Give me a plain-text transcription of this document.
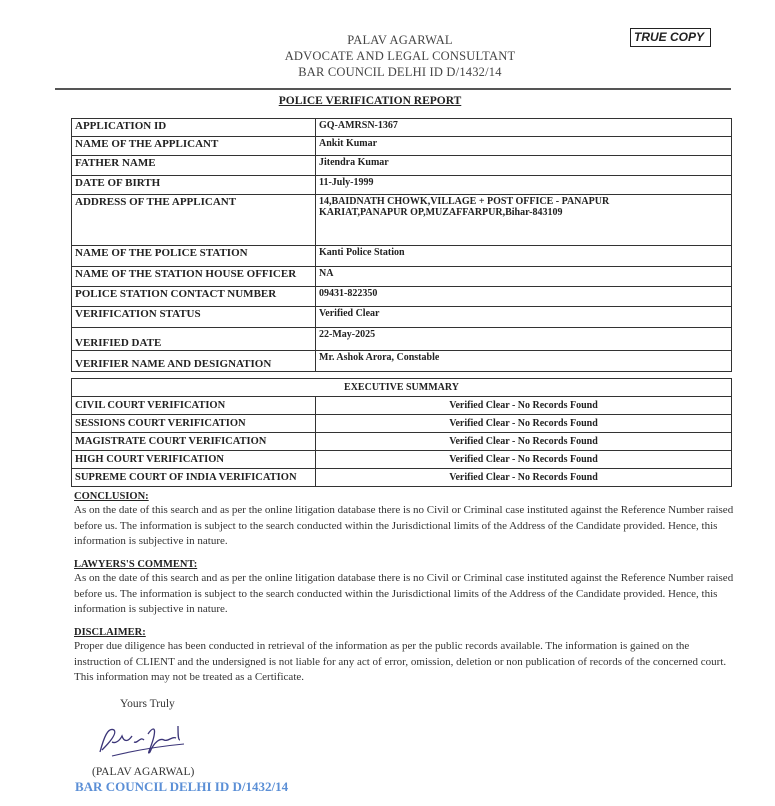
PALAV AGARWAL
ADVOCATE AND LEGAL CONSULTANT
BAR COUNCIL DELHI ID D/1432/14
TRUE COPY
POLICE VERIFICATION REPORT
APPLICATION ID	GQ-AMRSN-1367
NAME OF THE APPLICANT	Ankit Kumar
FATHER NAME	Jitendra Kumar
DATE OF BIRTH	11-July-1999
ADDRESS OF THE APPLICANT	14,BAIDNATH CHOWK,VILLAGE + POST OFFICE - PANAPUR KARIAT,PANAPUR OP,MUZAFFARPUR,Bihar-843109
NAME OF THE POLICE STATION	Kanti Police Station
NAME OF THE STATION HOUSE OFFICER	NA
POLICE STATION CONTACT NUMBER	09431-822350
VERIFICATION STATUS	Verified Clear
VERIFIED DATE	22-May-2025
VERIFIER NAME AND DESIGNATION	Mr. Ashok Arora, Constable
EXECUTIVE SUMMARY	
CIVIL COURT VERIFICATION	Verified Clear - No Records Found
SESSIONS COURT VERIFICATION	Verified Clear - No Records Found
MAGISTRATE COURT VERIFICATION	Verified Clear - No Records Found
HIGH COURT VERIFICATION	Verified Clear - No Records Found
SUPREME COURT OF INDIA VERIFICATION	Verified Clear - No Records Found
CONCLUSION:

As on the date of this search and as per the online litigation database there is no Civil or Criminal case instituted against the Reference Number raised before us. The information is subject to the search conducted within the Jurisdictional limits of the Address of the Candidate provided. Hence, this information is subjective in nature.

LAWYERS'S COMMENT:

As on the date of this search and as per the online litigation database there is no Civil or Criminal case instituted against the Reference Number raised before us. The information is subject to the search conducted within the Jurisdictional limits of the Address of the Candidate provided. Hence, this information is subjective in nature.

DISCLAIMER:

Proper due diligence has been conducted in retrieval of the information as per the public records available. The information is gained on the instruction of CLIENT and the undersigned is not liable for any act of error, omission, deletion or non publication of records of the concerned court. This information may not be treated as a Certificate.

Yours Truly
(PALAV AGARWAL)
BAR COUNCIL DELHI ID D/1432/14
